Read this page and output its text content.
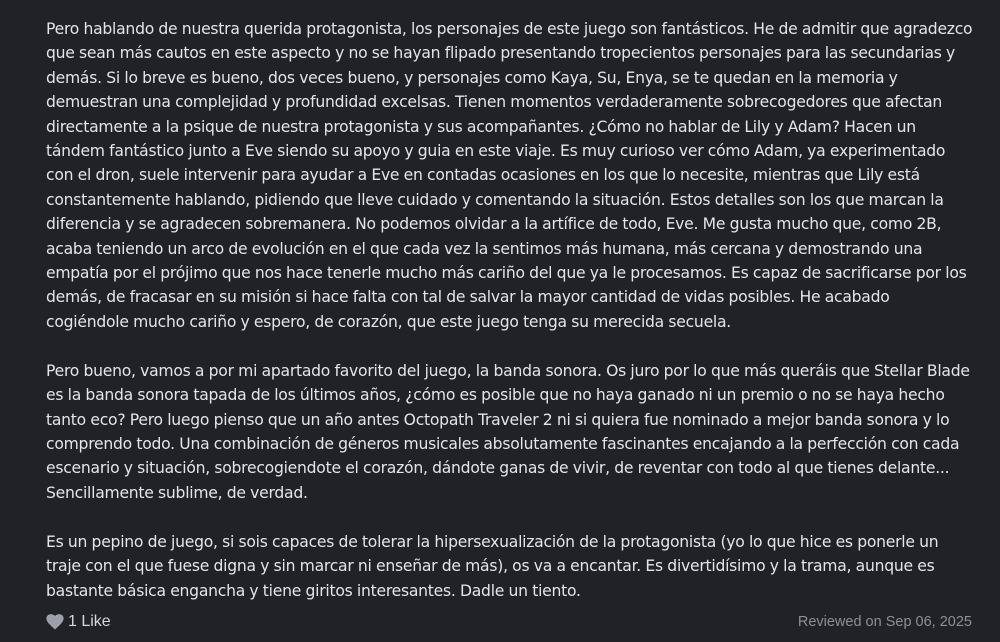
Pero hablando de nuestra querida protagonista, los personajes de este juego son fantásticos. He de admitir que agradezco que sean más cautos en este aspecto y no se hayan flipado presentando tropecientos personajes para las secundarias y demás. Si lo breve es bueno, dos veces bueno, y personajes como Kaya, Su, Enya, se te quedan en la memoria y demuestran una complejidad y profundidad excelsas. Tienen momentos verdaderamente sobrecogedores que afectan directamente a la psique de nuestra protagonista y sus acompañantes. ¿Cómo no hablar de Lily y Adam? Hacen un tándem fantástico junto a Eve siendo su apoyo y guia en este viaje. Es muy curioso ver cómo Adam, ya experimentado con el dron, suele intervenir para ayudar a Eve en contadas ocasiones en los que lo necesite, mientras que Lily está constantemente hablando, pidiendo que lleve cuidado y comentando la situación. Estos detalles son los que marcan la diferencia y se agradecen sobremanera. No podemos olvidar a la artífice de todo, Eve. Me gusta mucho que, como 2B, acaba teniendo un arco de evolución en el que cada vez la sentimos más humana, más cercana y demostrando una empatía por el prójimo que nos hace tenerle mucho más cariño del que ya le procesamos. Es capaz de sacrificarse por los demás, de fracasar en su misión si hace falta con tal de salvar la mayor cantidad de vidas posibles. He acabado cogiéndole mucho cariño y espero, de corazón, que este juego tenga su merecida secuela.

Pero bueno, vamos a por mi apartado favorito del juego, la banda sonora. Os juro por lo que más queráis que Stellar Blade es la banda sonora tapada de los últimos años, ¿cómo es posible que no haya ganado ni un premio o no se haya hecho tanto eco? Pero luego pienso que un año antes Octopath Traveler 2 ni si quiera fue nominado a mejor banda sonora y lo comprendo todo. Una combinación de géneros musicales absolutamente fascinantes encajando a la perfección con cada escenario y situación, sobrecogiendote el corazón, dándote ganas de vivir, de reventar con todo al que tienes delante... Sencillamente sublime, de verdad.

Es un pepino de juego, si sois capaces de tolerar la hipersexualización de la protagonista (yo lo que hice es ponerle un traje con el que fuese digna y sin marcar ni enseñar de más), os va a encantar. Es divertidísimo y la trama, aunque es bastante básica engancha y tiene giritos interesantes. Dadle un tiento.

1 Like	Reviewed on Sep 06, 2025
